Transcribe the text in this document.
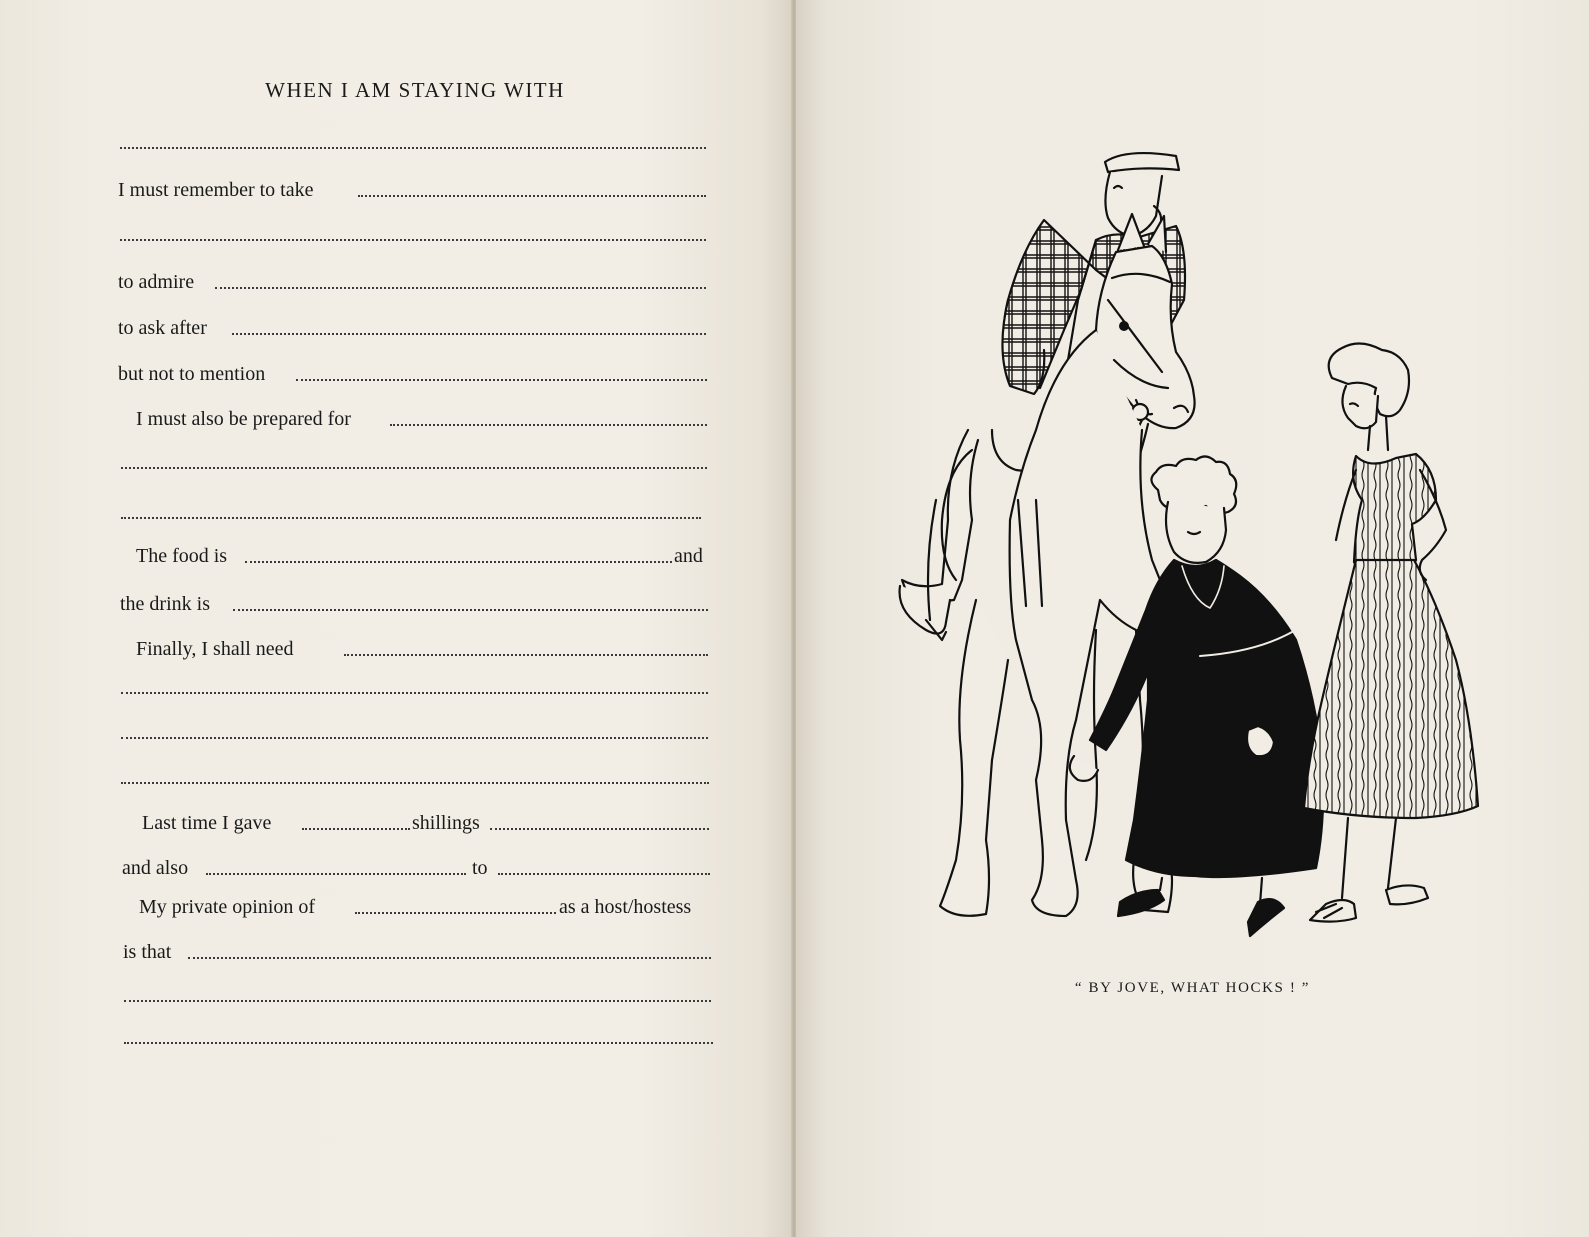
WHEN I AM STAYING WITH
I must remember to take
to admire
to ask after
but not to mention
I must also be prepared for
The food is	and
the drink is
Finally, I shall need
Last time I gave	shillings
and also	to
My private opinion of	as a host/hostess
is that
“ BY JOVE, WHAT HOCKS ! ”
